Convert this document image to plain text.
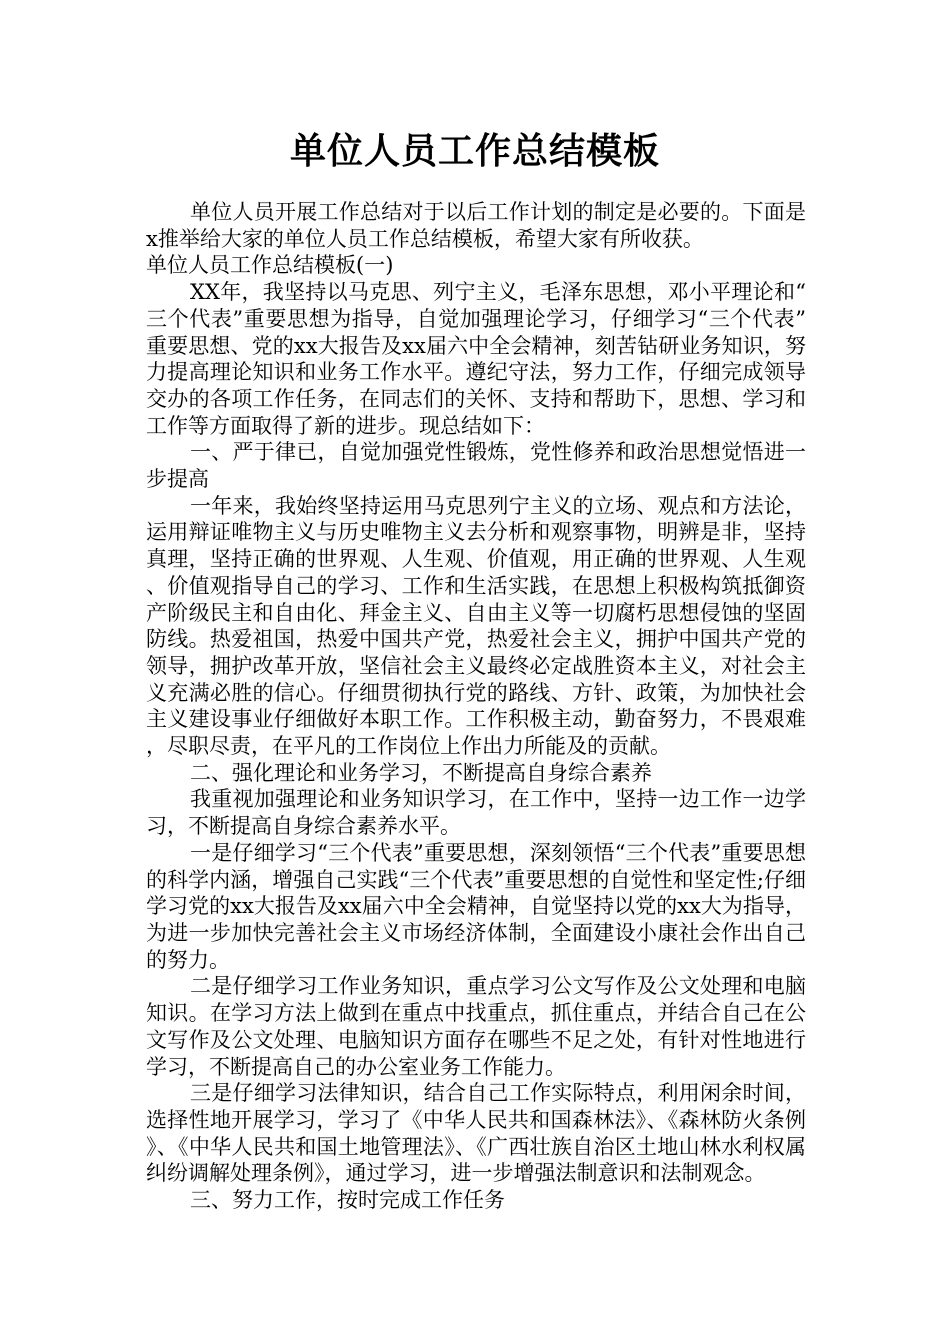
单位人员工作总结模板

单位人员开展工作总结对于以后工作计划的制定是必要的。下面是x推举给大家的单位人员工作总结模板，希望大家有所收获。

单位人员工作总结模板(一)

XX年，我坚持以马克思、列宁主义，毛泽东思想，邓小平理论和“三个代表”重要思想为指导，自觉加强理论学习，仔细学习“三个代表”重要思想、党的xx大报告及xx届六中全会精神，刻苦钻研业务知识，努力提高理论知识和业务工作水平。遵纪守法，努力工作，仔细完成领导交办的各项工作任务，在同志们的关怀、支持和帮助下，思想、学习和工作等方面取得了新的进步。现总结如下：

一、严于律已，自觉加强党性锻炼，党性修养和政治思想觉悟进一步提高

一年来，我始终坚持运用马克思列宁主义的立场、观点和方法论，运用辩证唯物主义与历史唯物主义去分析和观察事物，明辨是非，坚持真理，坚持正确的世界观、人生观、价值观，用正确的世界观、人生观、价值观指导自己的学习、工作和生活实践，在思想上积极构筑抵御资产阶级民主和自由化、拜金主义、自由主义等一切腐朽思想侵蚀的坚固防线。热爱祖国，热爱中国共产党，热爱社会主义，拥护中国共产党的领导，拥护改革开放，坚信社会主义最终必定战胜资本主义，对社会主义充满必胜的信心。仔细贯彻执行党的路线、方针、政策，为加快社会主义建设事业仔细做好本职工作。工作积极主动，勤奋努力，不畏艰难，尽职尽责，在平凡的工作岗位上作出力所能及的贡献。

二、强化理论和业务学习，不断提高自身综合素养

我重视加强理论和业务知识学习，在工作中，坚持一边工作一边学习，不断提高自身综合素养水平。

一是仔细学习“三个代表”重要思想，深刻领悟“三个代表”重要思想的科学内涵，增强自己实践“三个代表”重要思想的自觉性和坚定性;仔细学习党的xx大报告及xx届六中全会精神，自觉坚持以党的xx大为指导，为进一步加快完善社会主义市场经济体制，全面建设小康社会作出自己的努力。

二是仔细学习工作业务知识，重点学习公文写作及公文处理和电脑知识。在学习方法上做到在重点中找重点，抓住重点，并结合自己在公文写作及公文处理、电脑知识方面存在哪些不足之处，有针对性地进行学习，不断提高自己的办公室业务工作能力。

三是仔细学习法律知识，结合自己工作实际特点，利用闲余时间，选择性地开展学习，学习了《中华人民共和国森林法》、《森林防火条例》、《中华人民共和国土地管理法》、《广西壮族自治区土地山林水利权属纠纷调解处理条例》，通过学习，进一步增强法制意识和法制观念。

三、努力工作，按时完成工作任务
